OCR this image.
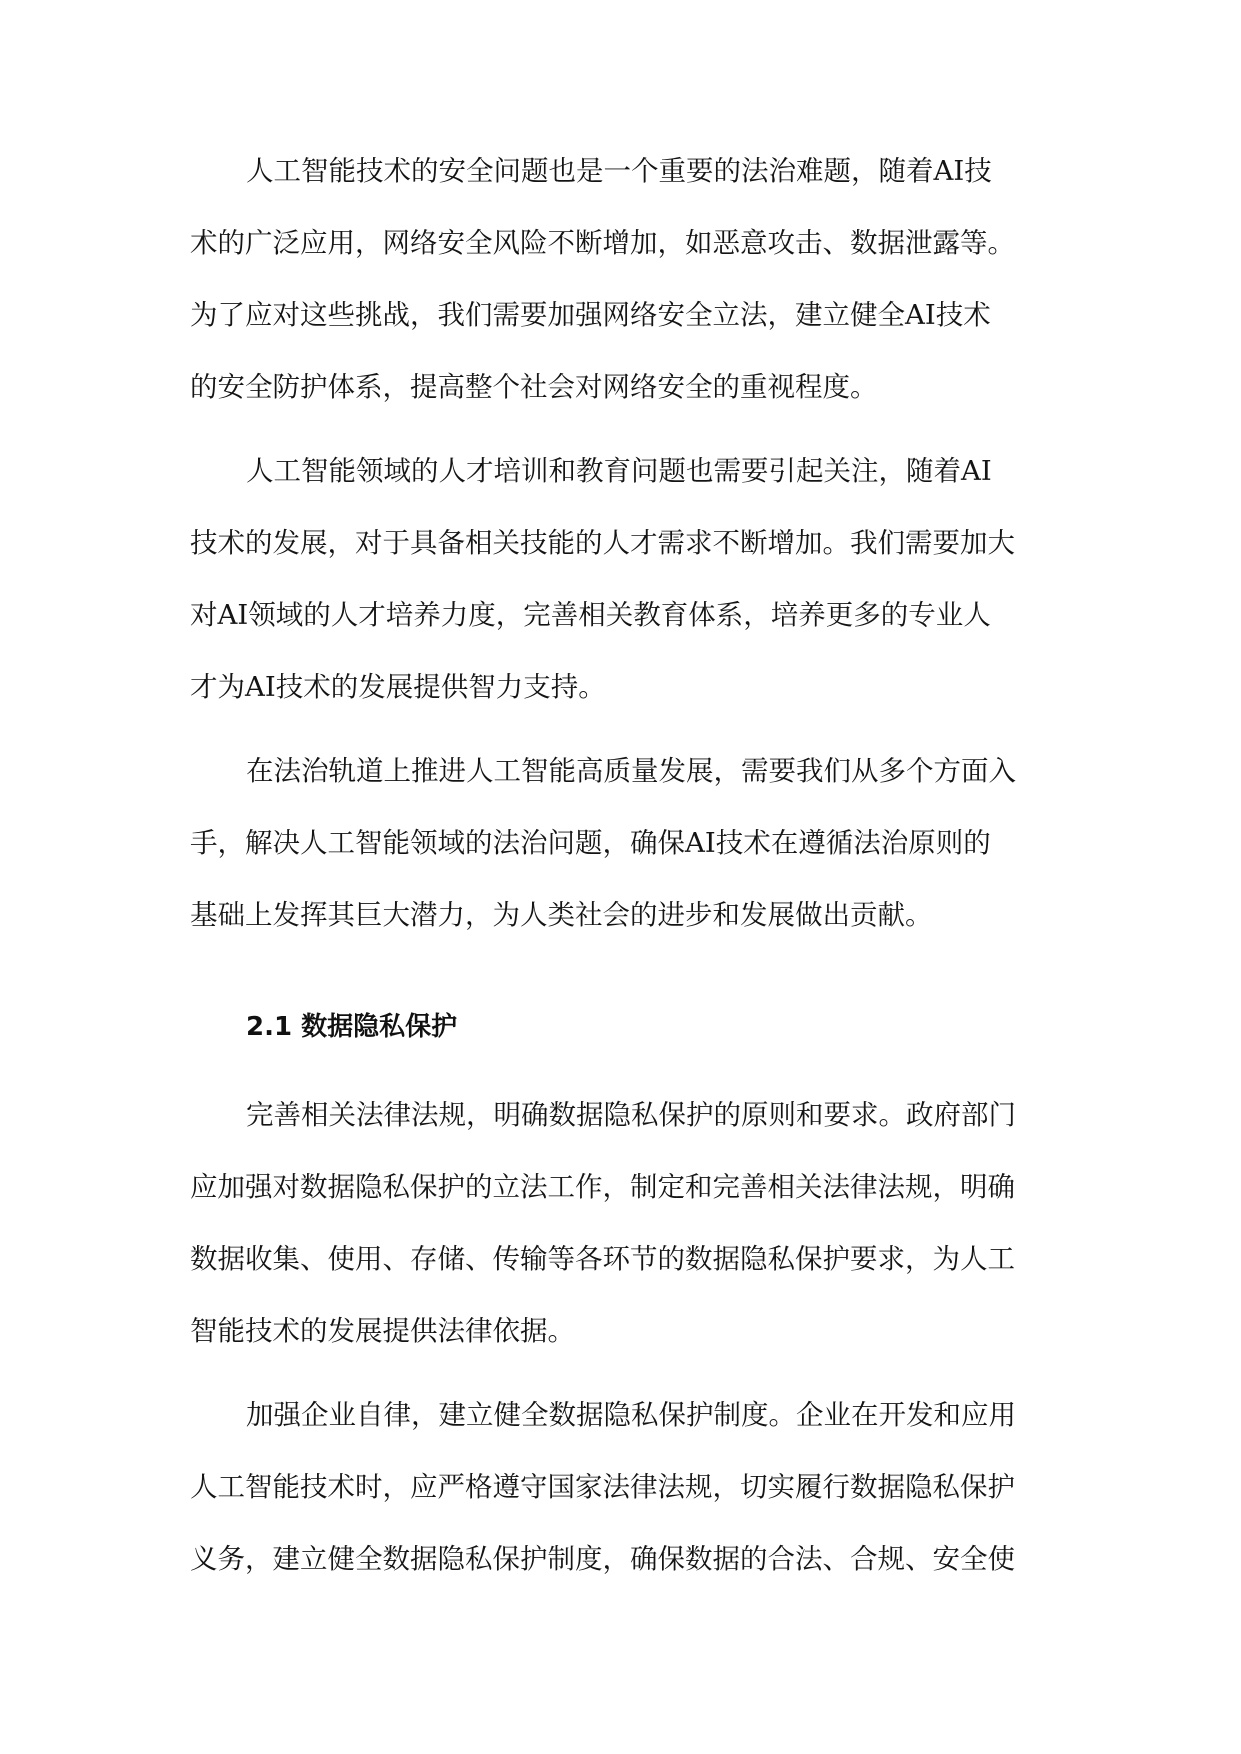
人工智能技术的安全问题也是一个重要的法治难题，随着AI技

术的广泛应用，网络安全风险不断增加，如恶意攻击、数据泄露等。

为了应对这些挑战，我们需要加强网络安全立法，建立健全AI技术

的安全防护体系，提高整个社会对网络安全的重视程度。

人工智能领域的人才培训和教育问题也需要引起关注，随着AI

技术的发展，对于具备相关技能的人才需求不断增加。我们需要加大

对AI领域的人才培养力度，完善相关教育体系，培养更多的专业人

才为AI技术的发展提供智力支持。

在法治轨道上推进人工智能高质量发展，需要我们从多个方面入

手，解决人工智能领域的法治问题，确保AI技术在遵循法治原则的

基础上发挥其巨大潜力，为人类社会的进步和发展做出贡献。

2.1 数据隐私保护

完善相关法律法规，明确数据隐私保护的原则和要求。政府部门

应加强对数据隐私保护的立法工作，制定和完善相关法律法规，明确

数据收集、使用、存储、传输等各环节的数据隐私保护要求，为人工

智能技术的发展提供法律依据。

加强企业自律，建立健全数据隐私保护制度。企业在开发和应用

人工智能技术时，应严格遵守国家法律法规，切实履行数据隐私保护

义务，建立健全数据隐私保护制度，确保数据的合法、合规、安全使
